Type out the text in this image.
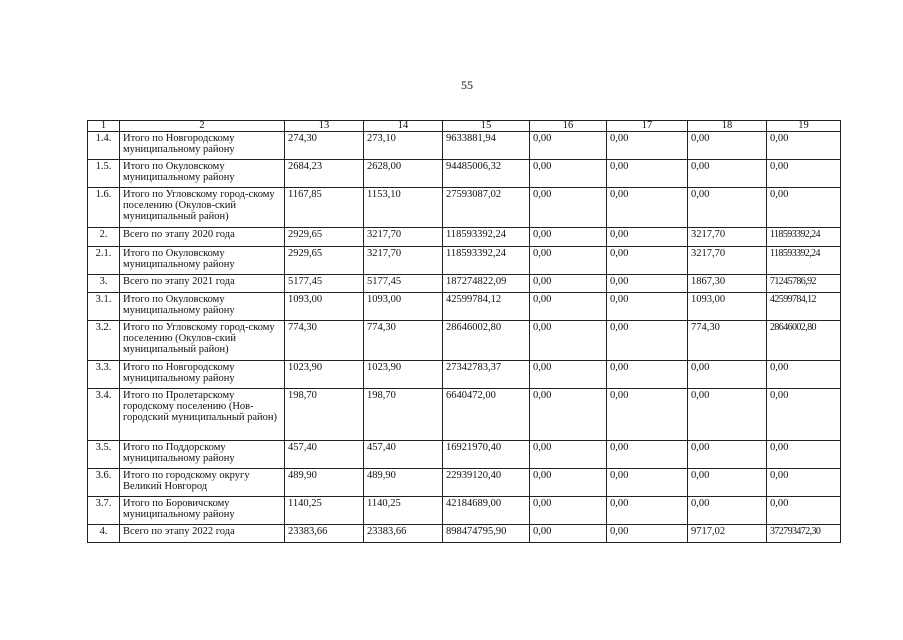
55
1	2	13	14	15	16	17	18	19
1.4.	Итого по Новгородскому муниципальному району	274,30	273,10	9633881,94	0,00	0,00	0,00	0,00
1.5.	Итого по Окуловскому муниципальному району	2684,23	2628,00	94485006,32	0,00	0,00	0,00	0,00
1.6.	Итого по Угловскому город-скому поселению (Окулов-ский муниципальный район)	1167,85	1153,10	27593087,02	0,00	0,00	0,00	0,00
2.	Всего по этапу 2020 года	2929,65	3217,70	118593392,24	0,00	0,00	3217,70	118593392,24
2.1.	Итого по Окуловскому муниципальному району	2929,65	3217,70	118593392,24	0,00	0,00	3217,70	118593392,24
3.	Всего по этапу 2021 года	5177,45	5177,45	187274822,09	0,00	0,00	1867,30	71245786,92
3.1.	Итого по Окуловскому муниципальному району	1093,00	1093,00	42599784,12	0,00	0,00	1093,00	42599784,12
3.2.	Итого по Угловскому город-скому поселению (Окулов-ский муниципальный район)	774,30	774,30	28646002,80	0,00	0,00	774,30	28646002,80
3.3.	Итого по Новгородскому муниципальному району	1023,90	1023,90	27342783,37	0,00	0,00	0,00	0,00
3.4.	Итого по Пролетарскому городскому поселению (Нов-городский муниципальный район)	198,70	198,70	6640472,00	0,00	0,00	0,00	0,00
3.5.	Итого по Поддорскому муниципальному району	457,40	457,40	16921970,40	0,00	0,00	0,00	0,00
3.6.	Итого по городскому округу Великий Новгород	489,90	489,90	22939120,40	0,00	0,00	0,00	0,00
3.7.	Итого по Боровичскому муниципальному району	1140,25	1140,25	42184689,00	0,00	0,00	0,00	0,00
4.	Всего по этапу 2022 года	23383,66	23383,66	898474795,90	0,00	0,00	9717,02	372793472,30
